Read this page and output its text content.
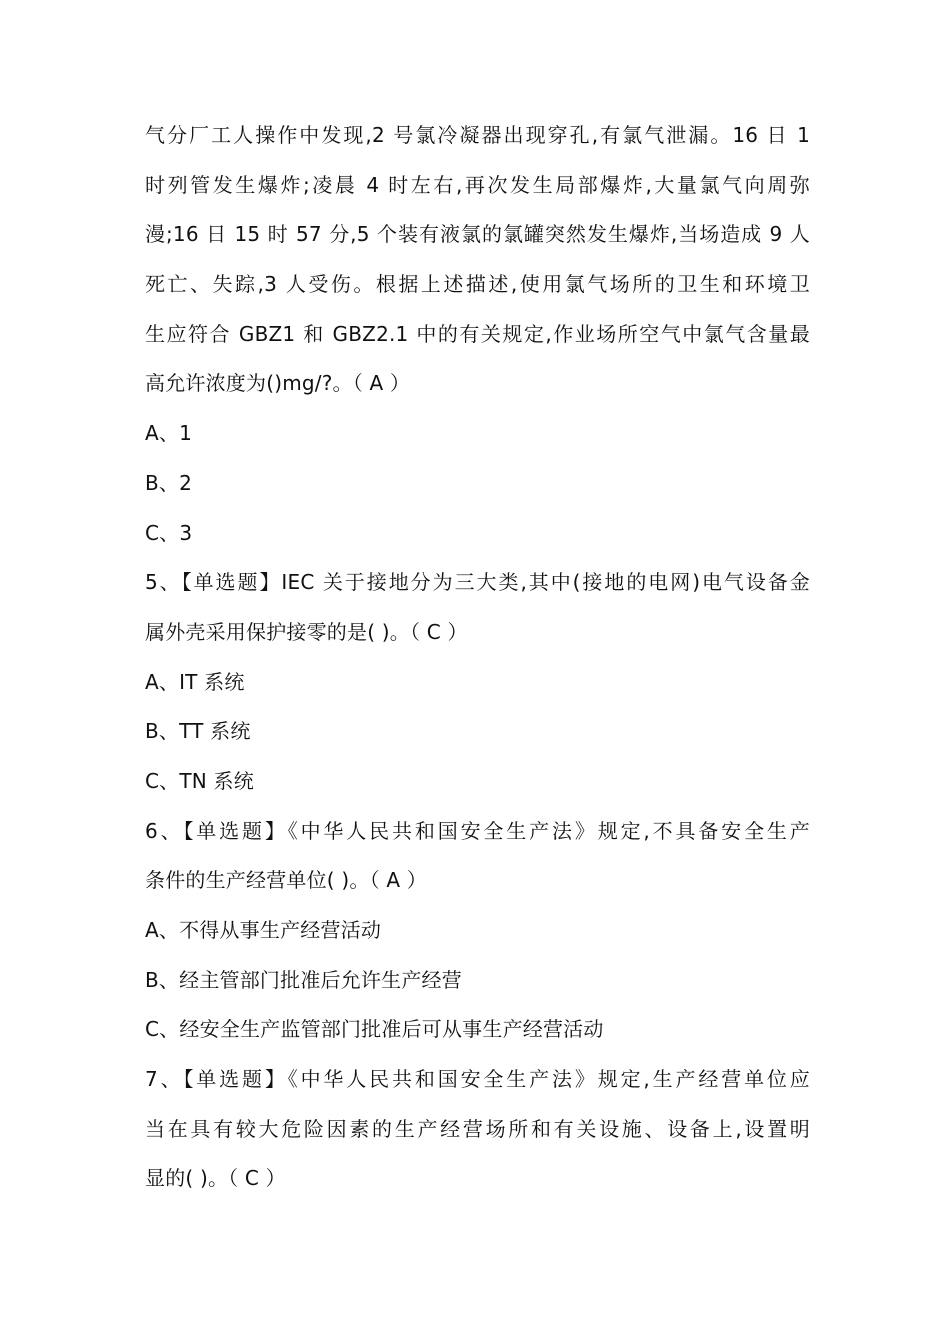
气分厂工人操作中发现,2 号氯冷凝器出现穿孔,有氯气泄漏。16 日 1
时列管发生爆炸;凌晨 4 时左右,再次发生局部爆炸,大量氯气向周弥
漫;16 日 15 时 57 分,5 个装有液氯的氯罐突然发生爆炸,当场造成 9 人
死亡、失踪,3 人受伤。根据上述描述,使用氯气场所的卫生和环境卫
生应符合 GBZ1 和 GBZ2.1 中的有关规定,作业场所空气中氯气含量最
高允许浓度为()mg/?。（ A ）
A、1
B、2
C、3
5、【单选题】IEC 关于接地分为三大类,其中(接地的电网)电气设备金
属外壳采用保护接零的是( )。（ C ）
A、IT 系统
B、TT 系统
C、TN 系统
6、【单选题】《中华人民共和国安全生产法》规定,不具备安全生产
条件的生产经营单位( )。（ A ）
A、不得从事生产经营活动
B、经主管部门批准后允许生产经营
C、经安全生产监管部门批准后可从事生产经营活动
7、【单选题】《中华人民共和国安全生产法》规定,生产经营单位应
当在具有较大危险因素的生产经营场所和有关设施、设备上,设置明
显的( )。（ C ）
